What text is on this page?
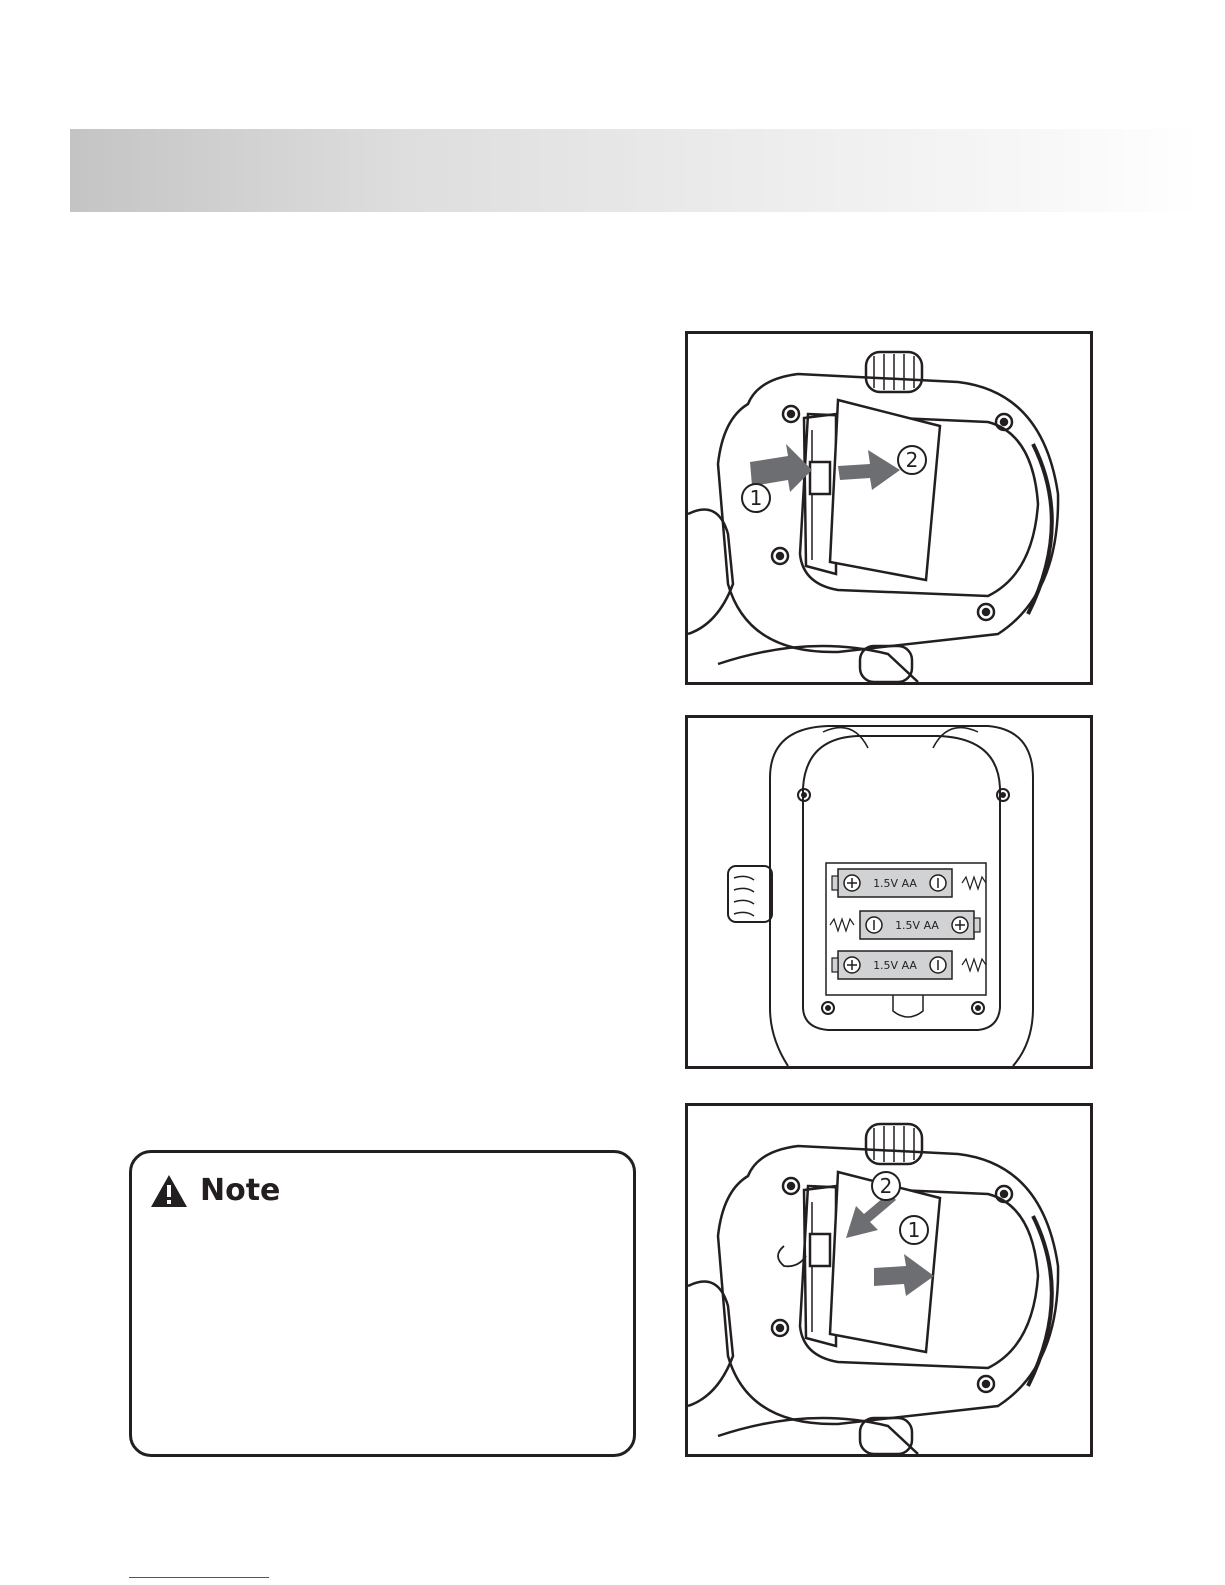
1
2
1.5V AA
1.5V AA
1.5V AA
2
1
Note
